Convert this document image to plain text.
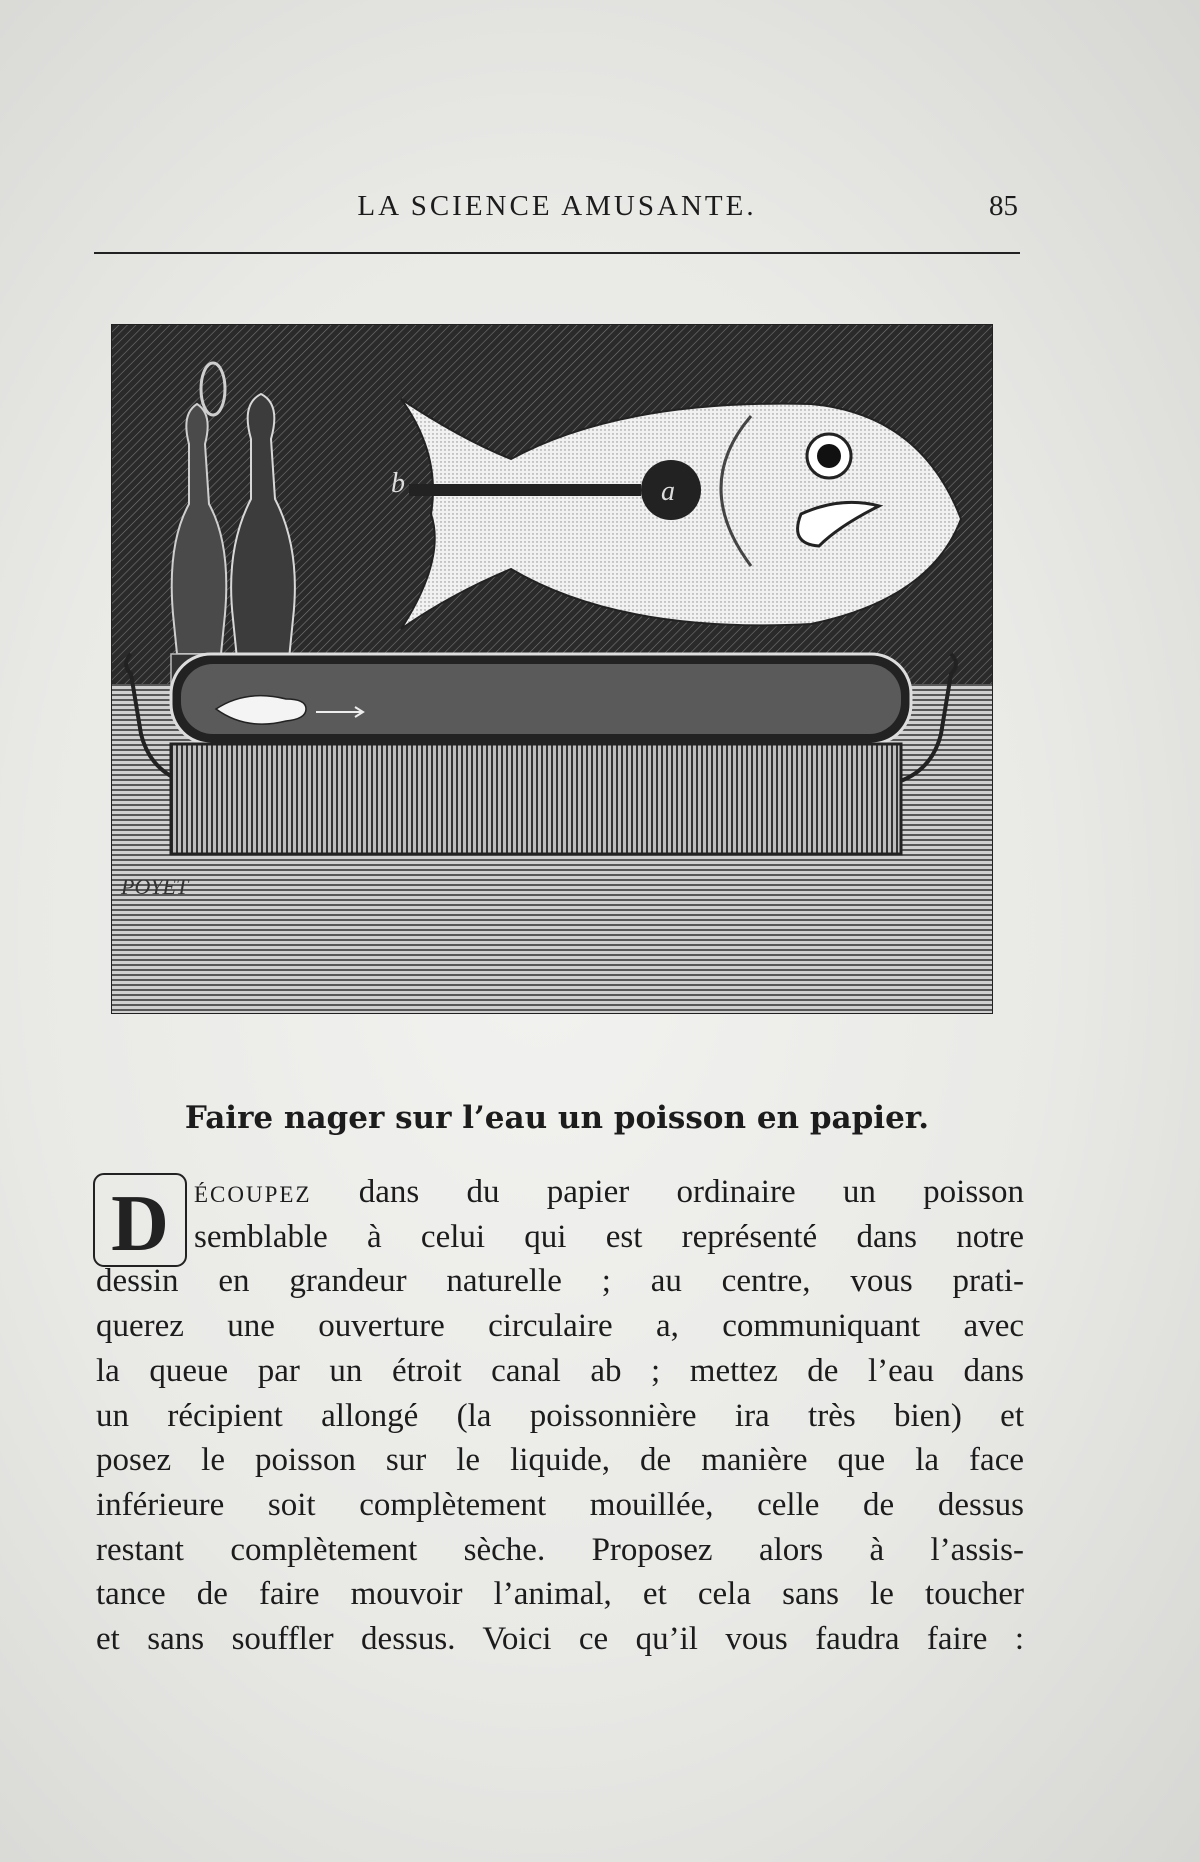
LA SCIENCE AMUSANTE.	85
a
b
POYET
Faire nager sur l’eau un poisson en papier.
D écoupez dans du papier ordinaire un poisson
semblable à celui qui est représenté dans notre
dessin en grandeur naturelle ; au centre, vous prati-
querez une ouverture circulaire a, communiquant avec
la queue par un étroit canal ab ; mettez de l’eau dans
un récipient allongé (la poissonnière ira très bien) et
posez le poisson sur le liquide, de manière que la face
inférieure soit complètement mouillée, celle de dessus
restant complètement sèche. Proposez alors à l’assis-
tance de faire mouvoir l’animal, et cela sans le toucher
et sans souffler dessus. Voici ce qu’il vous faudra faire :
